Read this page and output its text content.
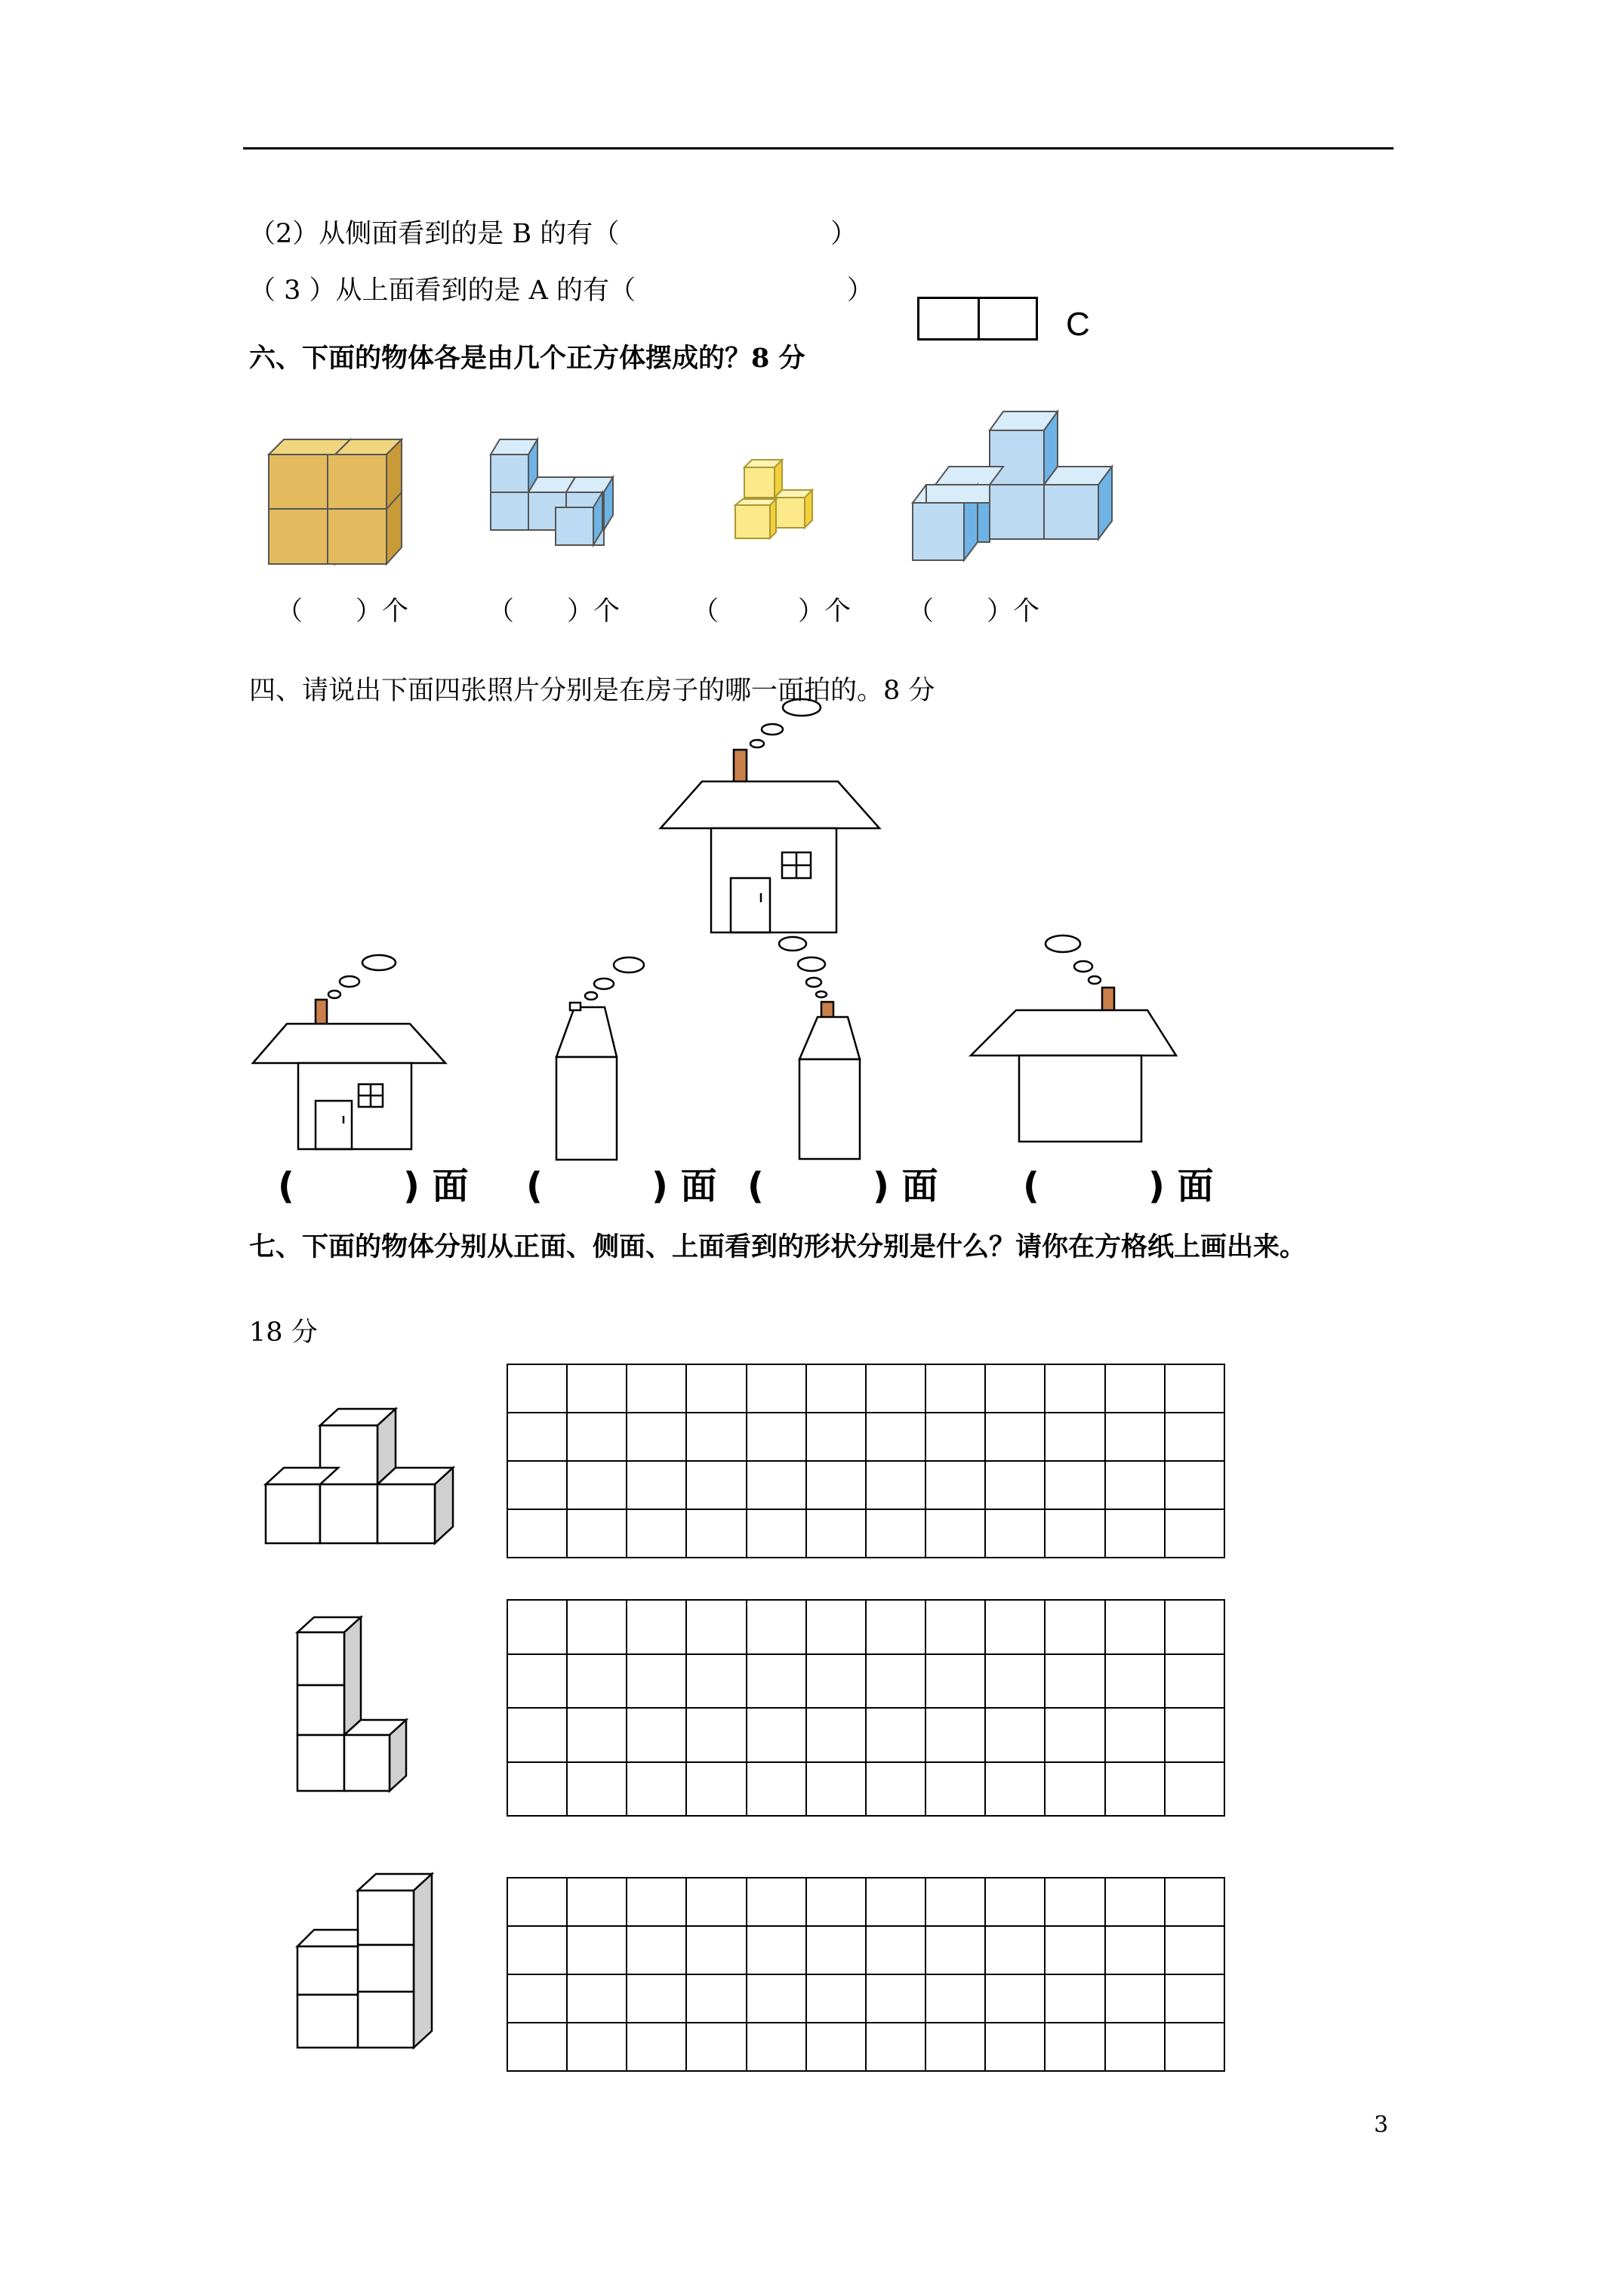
（2）从侧面看到的是 B 的有（　　　　　　　　）
（ 3 ）从上面看到的是 A 的有（　　　　　　　　）
C
六、下面的物体各是由几个正方体摆成的？8 分
（　　）个	（　　）个	（　　　）个 （　　）个
四、请说出下面四张照片分别是在房子的哪一面拍的。8 分
(　　　) 面 (　　　) 面 (　　　) 面 (　　　) 面
七、下面的物体分别从正面、侧面、上面看到的形状分别是什么？请你在方格纸上画出来。
18 分
3
